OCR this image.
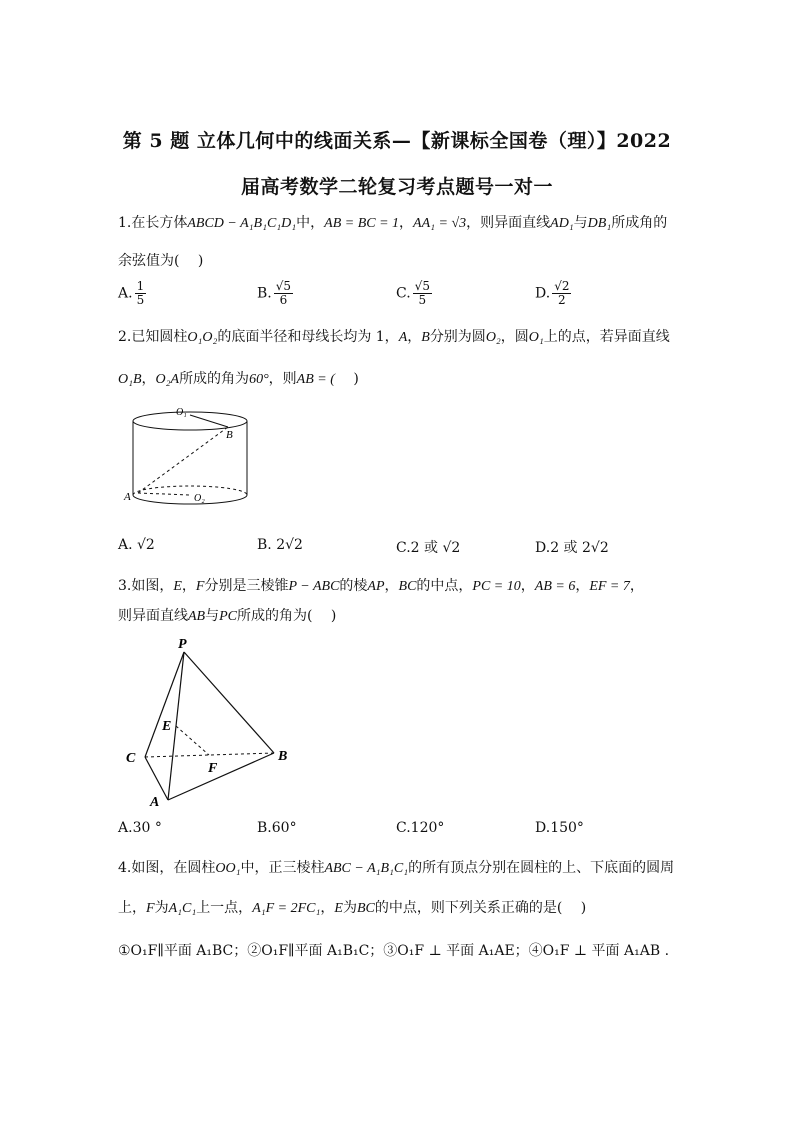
第 5 题 立体几何中的线面关系—【新课标全国卷（理）】2022
届高考数学二轮复习考点题号一对一
1.在长方体ABCD − A₁B₁C₁D₁中，AB = BC = 1，AA₁ = √3，则异面直线AD₁与DB₁所成角的
余弦值为(　 )
A. $\frac{1}{5}$	B. $\frac{√5}{6}$	C. $\frac{√5}{5}$	D. $\frac{√2}{2}$
2.已知圆柱O₁O₂的底面半径和母线长均为 1，A，B分别为圆O₂，圆O₁上的点，若异面直线
O₁B，O₂A所成的角为60°，则AB = (　 )
O₁
B
A	O₂
A. √2	B. 2√2	C.2 或 √2	D.2 或 2√2
3.如图，E，F分别是三棱锥P − ABC的棱AP，BC的中点，PC = 10，AB = 6，EF = 7，
则异面直线AB与PC所成的角为(　 )
P
E
C
F
B
A
A.30 °	B.60°	C.120°	D.150°
4.如图，在圆柱OO₁中，正三棱柱ABC − A₁B₁C₁的所有顶点分别在圆柱的上、下底面的圆周
上，F为A₁C₁上一点，A₁F = 2FC₁，E为BC的中点，则下列关系正确的是(　 )
①O₁F∥平面 A₁BC；②O₁F∥平面 A₁B₁C；③O₁F ⊥ 平面 A₁AE；④O₁F ⊥ 平面 A₁AB .
